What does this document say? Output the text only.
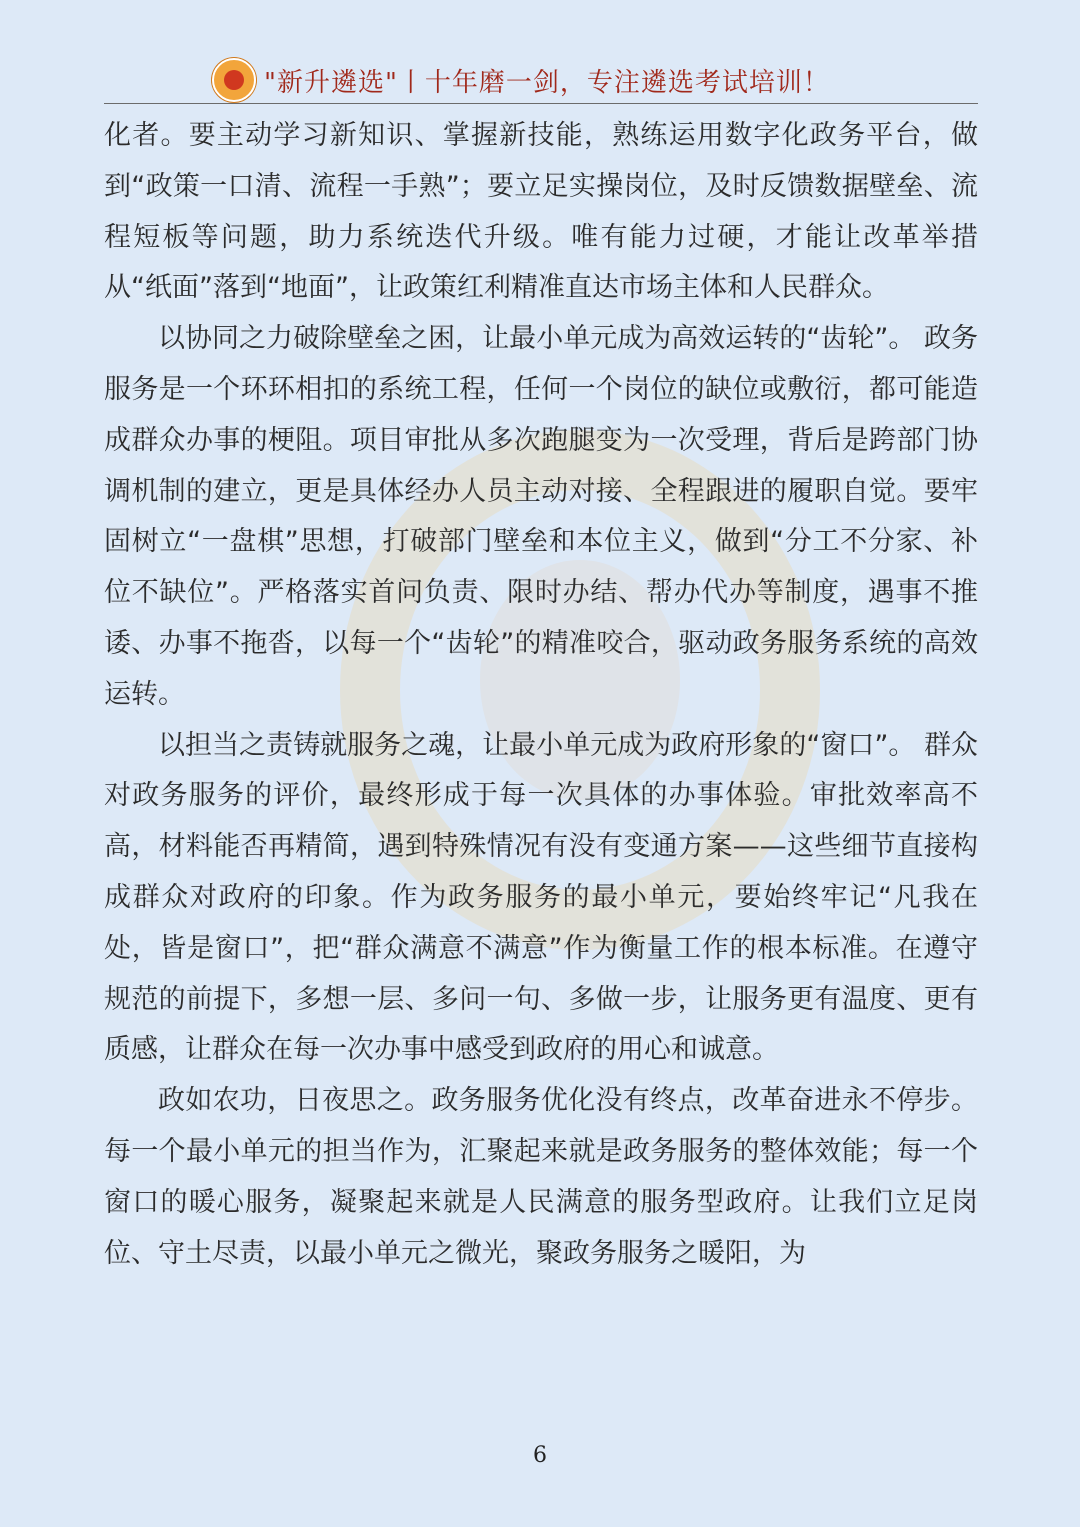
"新升遴选"丨十年磨一剑，专注遴选考试培训！

化者。要主动学习新知识、掌握新技能，熟练运用数字化政务平台，做到“政策一口清、流程一手熟”；要立足实操岗位，及时反馈数据壁垒、流程短板等问题，助力系统迭代升级。唯有能力过硬，才能让改革举措从“纸面”落到“地面”，让政策红利精准直达市场主体和人民群众。

以协同之力破除壁垒之困，让最小单元成为高效运转的“齿轮”。 政务服务是一个环环相扣的系统工程，任何一个岗位的缺位或敷衍，都可能造成群众办事的梗阻。项目审批从多次跑腿变为一次受理，背后是跨部门协调机制的建立，更是具体经办人员主动对接、全程跟进的履职自觉。要牢固树立“一盘棋”思想，打破部门壁垒和本位主义，做到“分工不分家、补位不缺位”。严格落实首问负责、限时办结、帮办代办等制度，遇事不推诿、办事不拖沓，以每一个“齿轮”的精准咬合，驱动政务服务系统的高效运转。

以担当之责铸就服务之魂，让最小单元成为政府形象的“窗口”。 群众对政务服务的评价，最终形成于每一次具体的办事体验。审批效率高不高，材料能否再精简，遇到特殊情况有没有变通方案——这些细节直接构成群众对政府的印象。作为政务服务的最小单元，要始终牢记“凡我在处，皆是窗口”，把“群众满意不满意”作为衡量工作的根本标准。在遵守规范的前提下，多想一层、多问一句、多做一步，让服务更有温度、更有质感，让群众在每一次办事中感受到政府的用心和诚意。

政如农功，日夜思之。政务服务优化没有终点，改革奋进永不停步。每一个最小单元的担当作为，汇聚起来就是政务服务的整体效能；每一个窗口的暖心服务，凝聚起来就是人民满意的服务型政府。让我们立足岗位、守土尽责，以最小单元之微光，聚政务服务之暖阳，为

6
